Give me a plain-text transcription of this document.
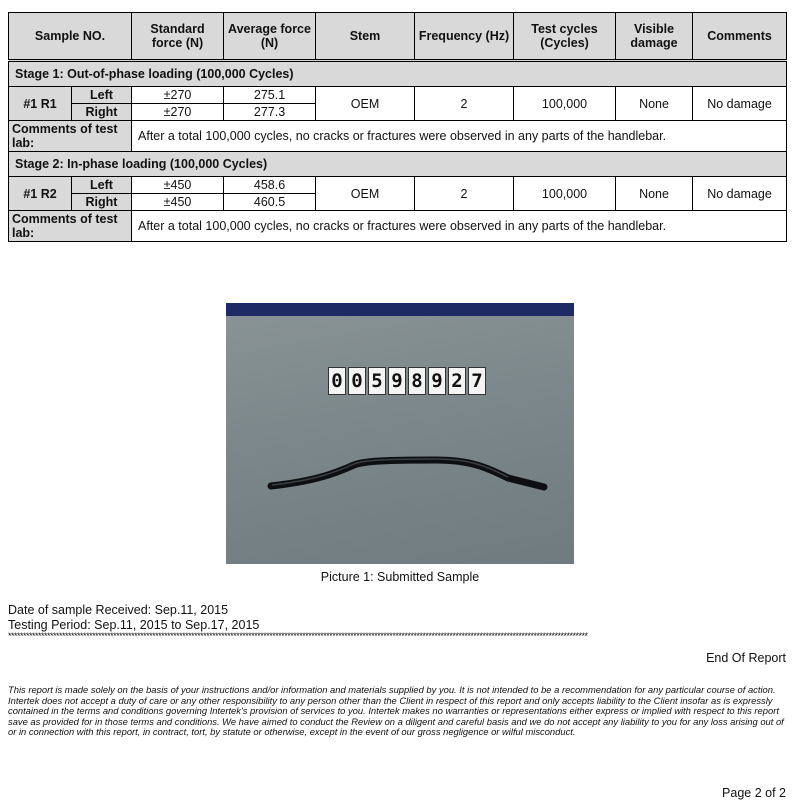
Sample NO.		Standard force (N)	Average force (N)	Stem	Frequency (Hz)	Test cycles (Cycles)	Visible damage	Comments
Stage 1: Out-of-phase loading (100,000 Cycles)								
#1 R1	Left	±270	275.1	OEM	2	100,000	None	No damage
	Right	±270	277.3					
Comments of test lab:		After a total 100,000 cycles, no cracks or fractures were observed in any parts of the handlebar.						
Stage 2: In-phase loading (100,000 Cycles)								
#1 R2	Left	±450	458.6	OEM	2	100,000	None	No damage
	Right	±450	460.5					
Comments of test lab:		After a total 100,000 cycles, no cracks or fractures were observed in any parts of the handlebar.						
0 0 5 9 8 9 2 7
Picture 1: Submitted Sample
Date of sample Received: Sep.11, 2015
Testing Period: Sep.11, 2015 to Sep.17, 2015
*************************************************************************************************************************************************************************************************
End Of Report
This report is made solely on the basis of your instructions and/or information and materials supplied by you. It is not intended to be a recommendation for any particular course of action. Intertek does not accept a duty of care or any other responsibility to any person other than the Client in respect of this report and only accepts liability to the Client insofar as is expressly contained in the terms and conditions governing Intertek's provision of services to you. Intertek makes no warranties or representations either express or implied with respect to this report save as provided for in those terms and conditions. We have aimed to conduct the Review on a diligent and careful basis and we do not accept any liability to you for any loss arising out of or in connection with this report, in contract, tort, by statute or otherwise, except in the event of our gross negligence or wilful misconduct.
Page 2 of 2
